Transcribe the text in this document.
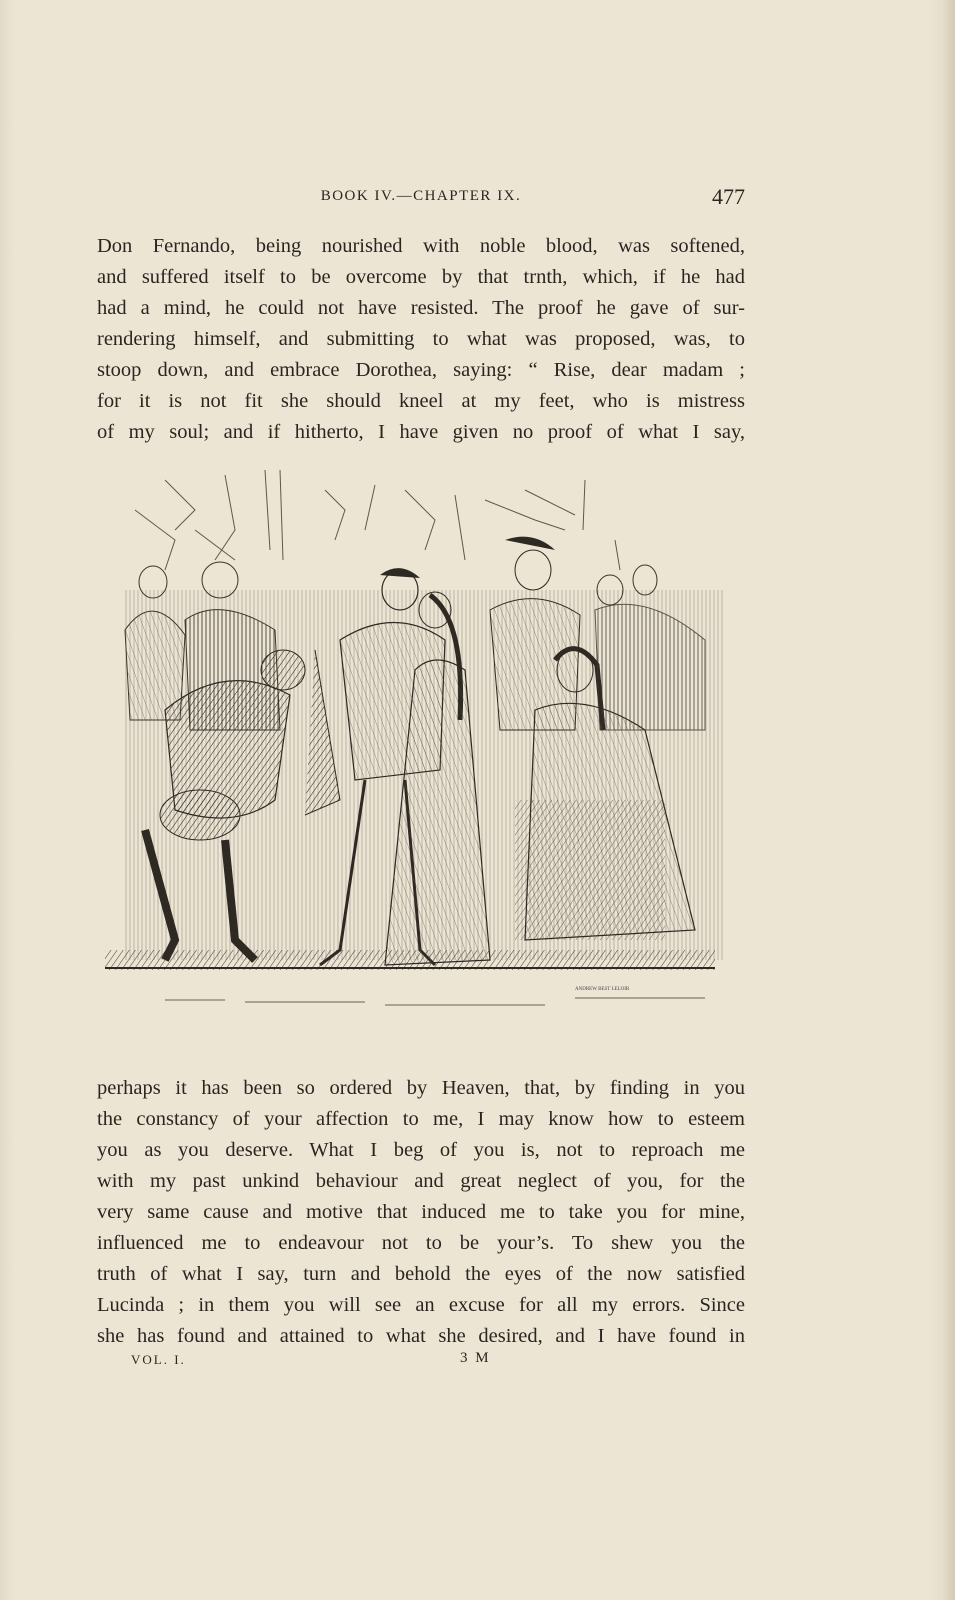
BOOK IV.—CHAPTER IX.	477

Don Fernando, being nourished with noble blood, was softened,

and suffered itself to be overcome by that trnth, which, if he had

had a mind, he could not have resisted. The proof he gave of sur-

rendering himself, and submitting to what was proposed, was, to

stoop down, and embrace Dorothea, saying: “ Rise, dear madam ;

for it is not fit she should kneel at my feet, who is mistress

of my soul; and if hitherto, I have given no proof of what I say,

ANDREW BEST LELOIR

perhaps it has been so ordered by Heaven, that, by finding in you

the constancy of your affection to me, I may know how to esteem

you as you deserve. What I beg of you is, not to reproach me

with my past unkind behaviour and great neglect of you, for the

very same cause and motive that induced me to take you for mine,

influenced me to endeavour not to be your’s. To shew you the

truth of what I say, turn and behold the eyes of the now satisfied

Lucinda ; in them you will see an excuse for all my errors. Since

she has found and attained to what she desired, and I have found in

VOL. I.	3 M
